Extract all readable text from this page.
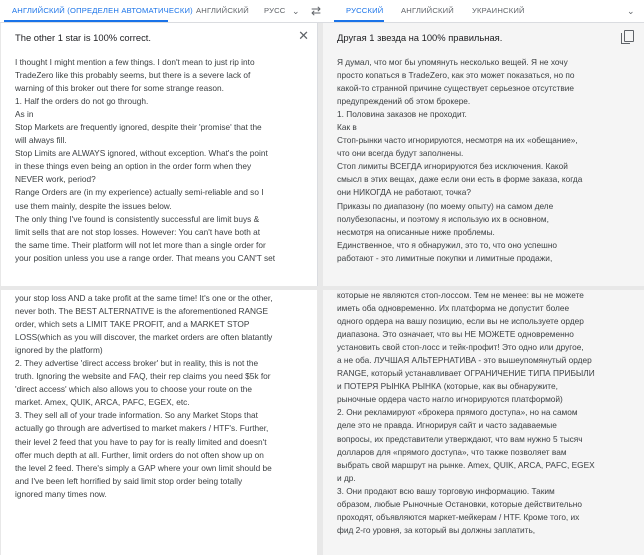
АНГЛИЙСКИЙ (ОПРЕДЕЛЕН АВТОМАТИЧЕСКИ) АНГЛИЙСКИЙ РУСС ⌄ ⇄	РУССКИЙ АНГЛИЙСКИЙ УКРАИНСКИЙ	⌄
The other 1 star is 100% correct.	✕
I thought I might mention a few things. I don't mean to just rip into
TradeZero like this probably seems, but there is a severe lack of
warning of this broker out there for some strange reason.
1. Half the orders do not go through.
As in
Stop Markets are frequently ignored, despite their 'promise' that the
will always fill.
Stop Limits are ALWAYS ignored, without exception. What's the point
in these things even being an option in the order form when they
NEVER work, period?
Range Orders are (in my experience) actually semi-reliable and so I
use them mainly, despite the issues below.
The only thing I've found is consistently successful are limit buys &
limit sells that are not stop losses. However: You can't have both at
the same time. Their platform will not let more than a single order for
your position unless you use a range order. That means you CAN'T set
Другая 1 звезда на 100% правильная.
Я думал, что мог бы упомянуть несколько вещей. Я не хочу
просто копаться в TradeZero, как это может показаться, но по
какой-то странной причине существует серьезное отсутствие
предупреждений об этом брокере.
1. Половина заказов не проходит.
Как в
Стоп-рынки часто игнорируются, несмотря на их «обещание»,
что они всегда будут заполнены.
Стоп лимиты ВСЕГДА игнорируются без исключения. Какой
смысл в этих вещах, даже если они есть в форме заказа, когда
они НИКОГДА не работают, точка?
Приказы по диапазону (по моему опыту) на самом деле
полубезопасны, и поэтому я использую их в основном,
несмотря на описанные ниже проблемы.
Единственное, что я обнаружил, это то, что оно успешно
работают - это лимитные покупки и лимитные продажи,
your stop loss AND a take profit at the same time! It's one or the other,
never both. The BEST ALTERNATIVE is the aforementioned RANGE
order, which sets a LIMIT TAKE PROFIT, and a MARKET STOP
LOSS(which as you will discover, the market orders are often blatantly
ignored by the platform)
2. They advertise 'direct access broker' but in reality, this is not the
truth. Ignoring the website and FAQ, their rep claims you need $5k for
'direct access' which also allows you to choose your route on the
market. Amex, QUIK, ARCA, PAFC, EGEX, etc.
3. They sell all of your trade information. So any Market Stops that
actually go through are advertised to market makers / HTF's. Further,
their level 2 feed that you have to pay for is really limited and doesn't
offer much depth at all. Further, limit orders do not often show up on
the level 2 feed. There's simply a GAP where your own limit should be
and I've been left horrified by said limit stop order being totally
ignored many times now.
которые не являются стоп-лоссом. Тем не менее: вы не можете
иметь оба одновременно. Их платформа не допустит более
одного ордера на вашу позицию, если вы не используете ордер
диапазона. Это означает, что вы НЕ МОЖЕТЕ одновременно
установить свой стоп-лосс и тейк-профит! Это одно или другое,
а не оба. ЛУЧШАЯ АЛЬТЕРНАТИВА - это вышеупомянутый ордер
RANGE, который устанавливает ОГРАНИЧЕНИЕ ТИПА ПРИБЫЛИ
и ПОТЕРЯ РЫНКА РЫНКА (которые, как вы обнаружите,
рыночные ордера часто нагло игнорируются платформой)
2. Они рекламируют «брокера прямого доступа», но на самом
деле это не правда. Игнорируя сайт и часто задаваемые
вопросы, их представители утверждают, что вам нужно 5 тысяч
долларов для «прямого доступа», что также позволяет вам
выбрать свой маршрут на рынке. Amex, QUIK, ARCA, PAFC, EGEX
и др.
3. Они продают всю вашу торговую информацию. Таким
образом, любые Рыночные Остановки, которые действительно
проходят, объявляются маркет-мейкерам / HTF. Кроме того, их
фид 2-го уровня, за который вы должны заплатить,
